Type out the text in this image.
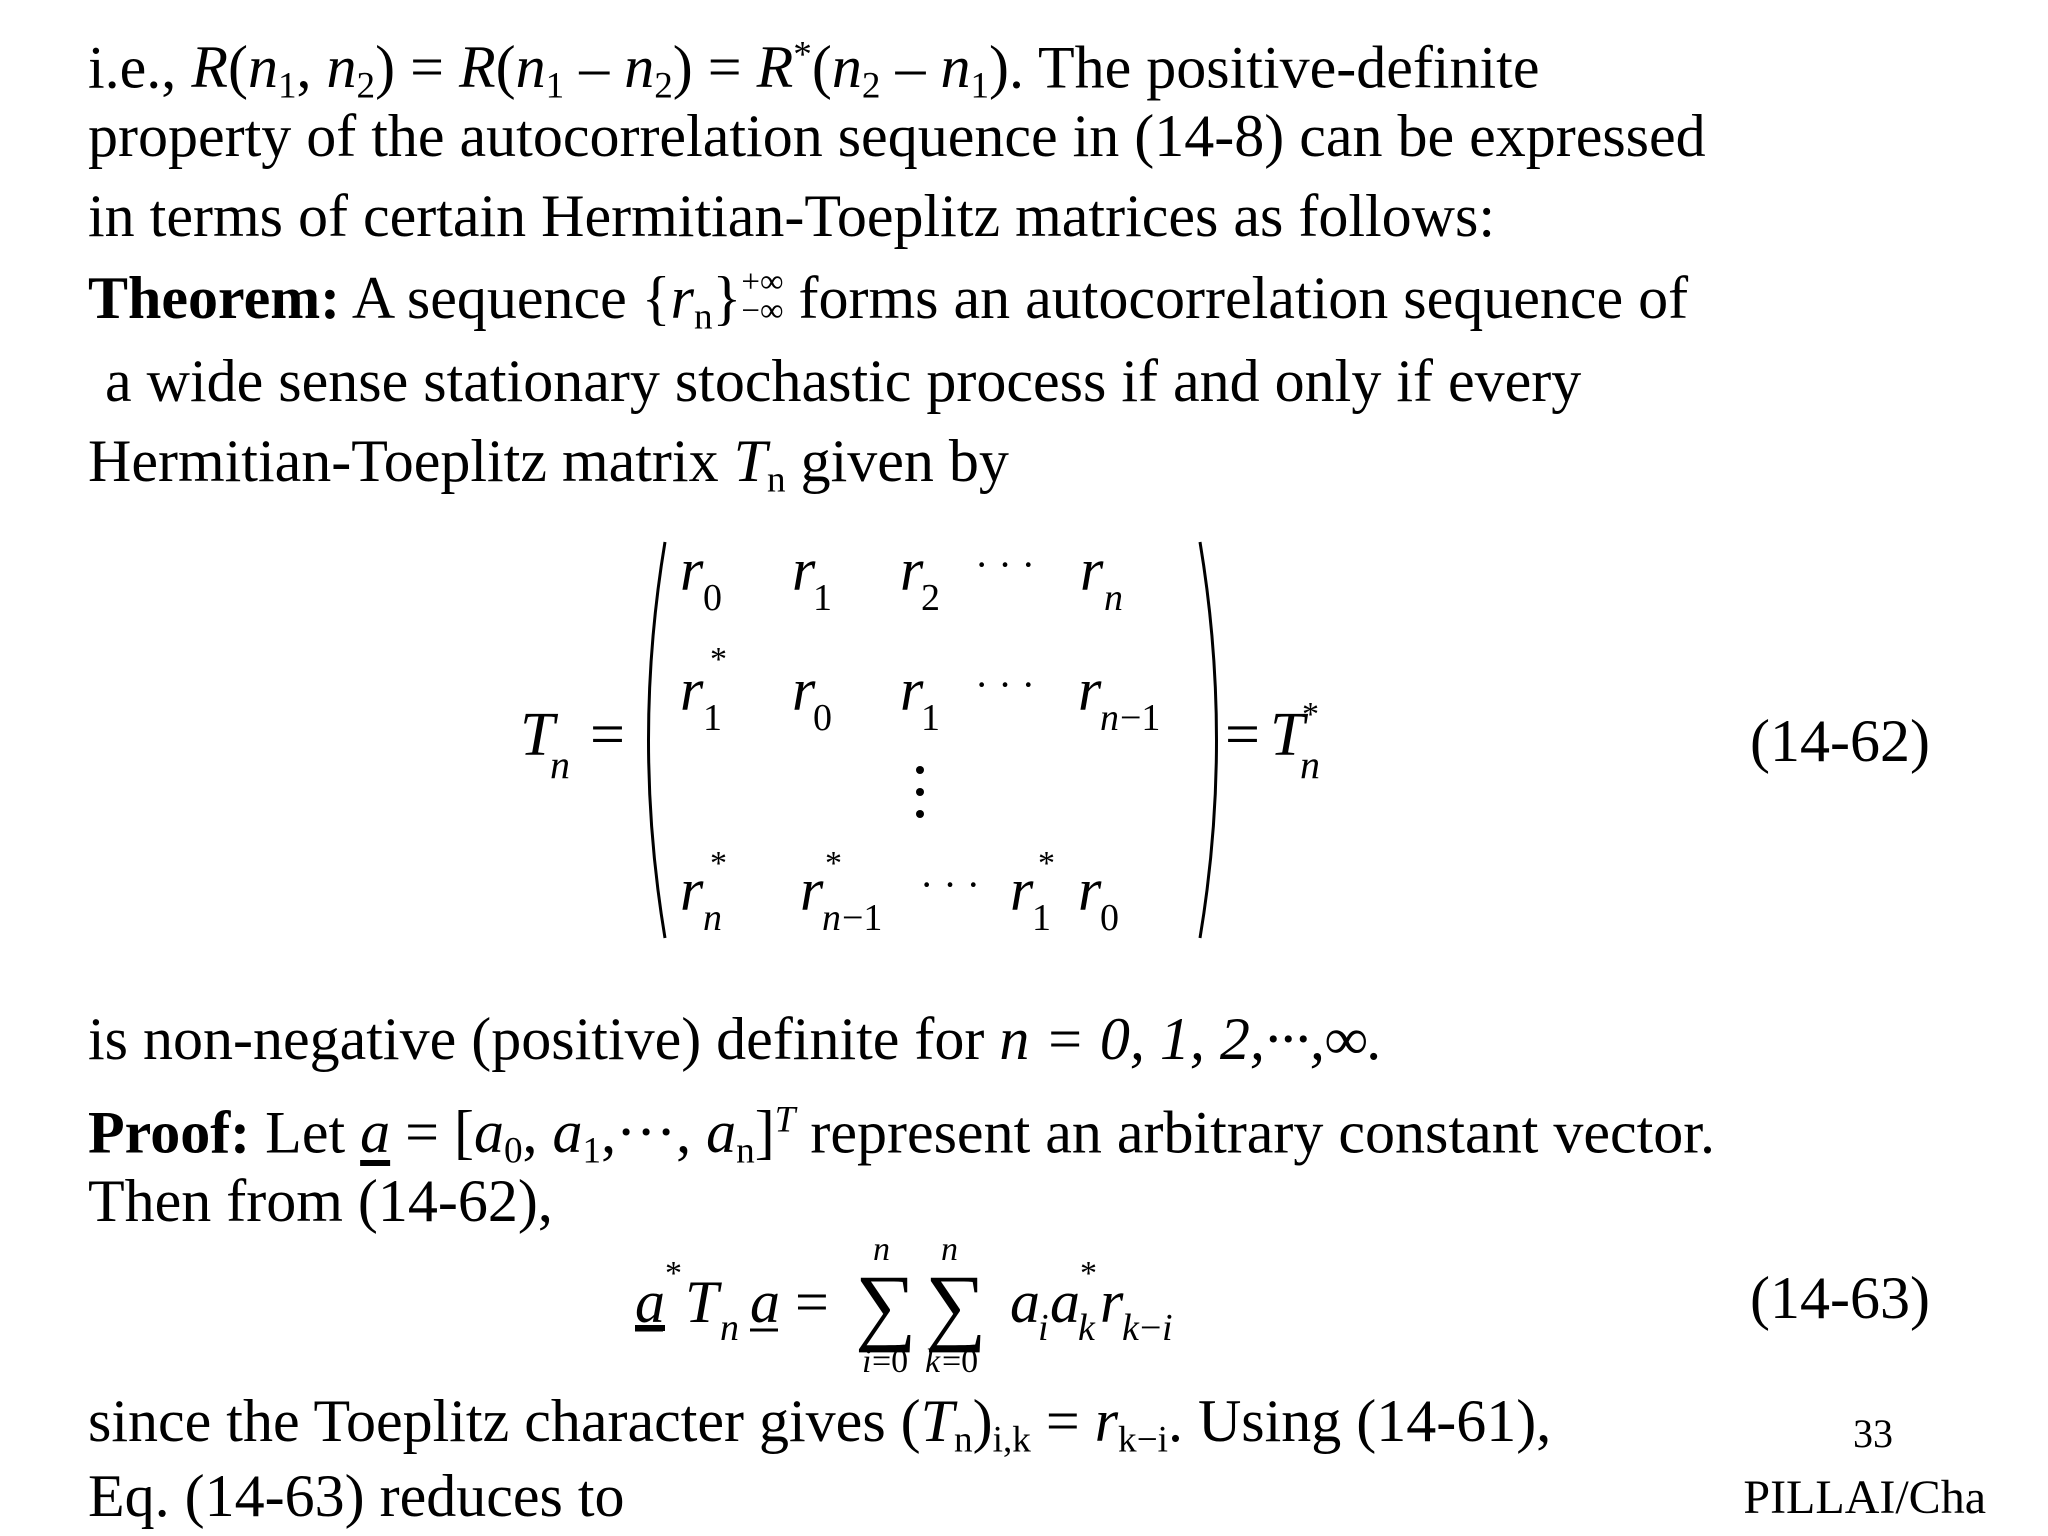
i.e., $R(n_1$, $n_2) = R(n_1 - n_2) = R^*(n_2 - n_1)$. The positive-definite
property of the autocorrelation sequence in (14-8) can be expressed
in terms of certain Hermitian-Toeplitz matrices as follows:
Theorem: A sequence $\{r_n\}$ +∞
−∞ forms an autocorrelation sequence of
a wide sense stationary stochastic process if and only if every
Hermitian-Toeplitz matrix $T_n$ given by
T
n =
r 0 r
1 r
2
· · · r n
r 1
* r
0 r
1
· · · r
n −1
r n
* r
n −1
* · · · r
1
* r
0
= T
n
*	(14-62)
is non-negative (positive) definite for n = 0, 1, 2,···,∞.
Proof: Let $a = [a_0$, $a_1,\cdot\cdot\cdot$, $a_n]^T$ represent an arbitrary constant vector.
Then from (14-62),
a * T n a = ∑
n
i =0
∑
n
k =0
a
i a
k
* r
k − i	(14-63)
since the Toeplitz character gives $(T_n)_{i,k} = r_{k-i}$. Using (14-61),
Eq. (14-63) reduces to
33
PILLAI/Cha
